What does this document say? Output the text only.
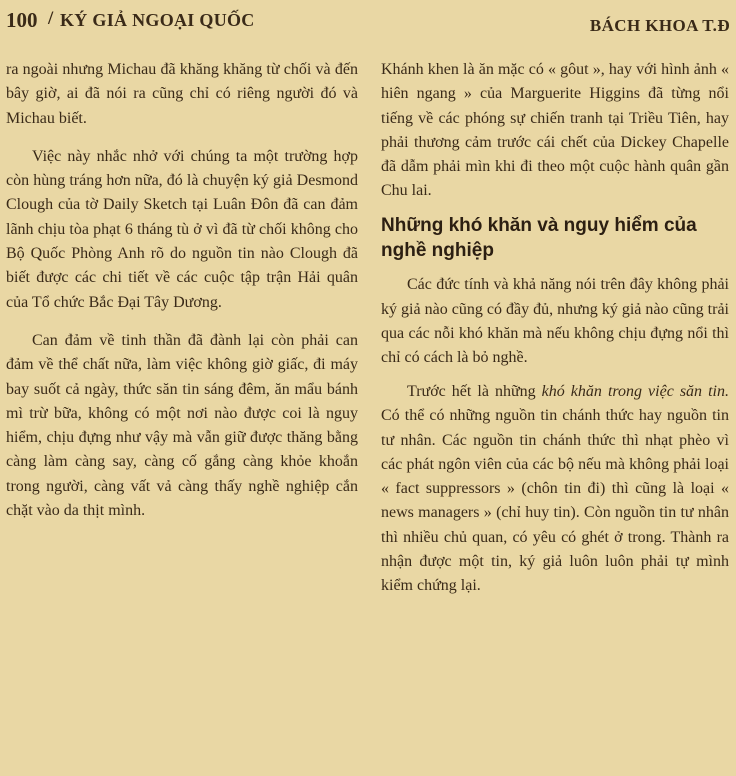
100 / KÝ GIẢ NGOẠI QUỐC	BÁCH KHOA T.Đ

ra ngoài nhưng Michau đã khăng khăng từ chối và đến bây giờ, ai đã nói ra cũng chỉ có riêng người đó và Michau biết.

Việc này nhắc nhở với chúng ta một trường hợp còn hùng tráng hơn nữa, đó là chuyện ký giả Desmond Clough của tờ Daily Sketch tại Luân Đôn đã can đảm lãnh chịu tòa phạt 6 tháng tù ở vì đã từ chối không cho Bộ Quốc Phòng Anh rõ do nguồn tin nào Clough đã biết được các chi tiết về các cuộc tập trận Hải quân của Tổ chức Bắc Đại Tây Dương.

Can đảm về tinh thần đã đành lại còn phải can đảm về thể chất nữa, làm việc không giờ giấc, đi máy bay suốt cả ngày, thức săn tin sáng đêm, ăn mẩu bánh mì trừ bữa, không có một nơi nào được coi là nguy hiểm, chịu đựng như vậy mà vẫn giữ được thăng bằng càng làm càng say, càng cố gắng càng khỏe khoắn trong người, càng vất vả càng thấy nghề nghiệp cắn chặt vào da thịt mình.

Khánh khen là ăn mặc có « gôut », hay với hình ảnh « hiên ngang » của Marguerite Higgins đã từng nổi tiếng về các phóng sự chiến tranh tại Triều Tiên, hay phải thương cảm trước cái chết của Dickey Chapelle đã dẫm phải mìn khi đi theo một cuộc hành quân gần Chu lai.

Những khó khăn và nguy hiểm của nghề nghiệp

Các đức tính và khả năng nói trên đây không phải ký giả nào cũng có đầy đủ, nhưng ký giả nào cũng trải qua các nỗi khó khăn mà nếu không chịu đựng nổi thì chỉ có cách là bỏ nghề.

Trước hết là những khó khăn trong việc săn tin. Có thể có những nguồn tin chánh thức hay nguồn tin tư nhân. Các nguồn tin chánh thức thì nhạt phèo vì các phát ngôn viên của các bộ nếu mà không phải loại « fact suppressors » (chôn tin đi) thì cũng là loại « news managers » (chỉ huy tin). Còn nguồn tin tư nhân thì nhiều chủ quan, có yêu có ghét ở trong. Thành ra nhận được một tin, ký giả luôn luôn phải tự mình kiểm chứng lại.
